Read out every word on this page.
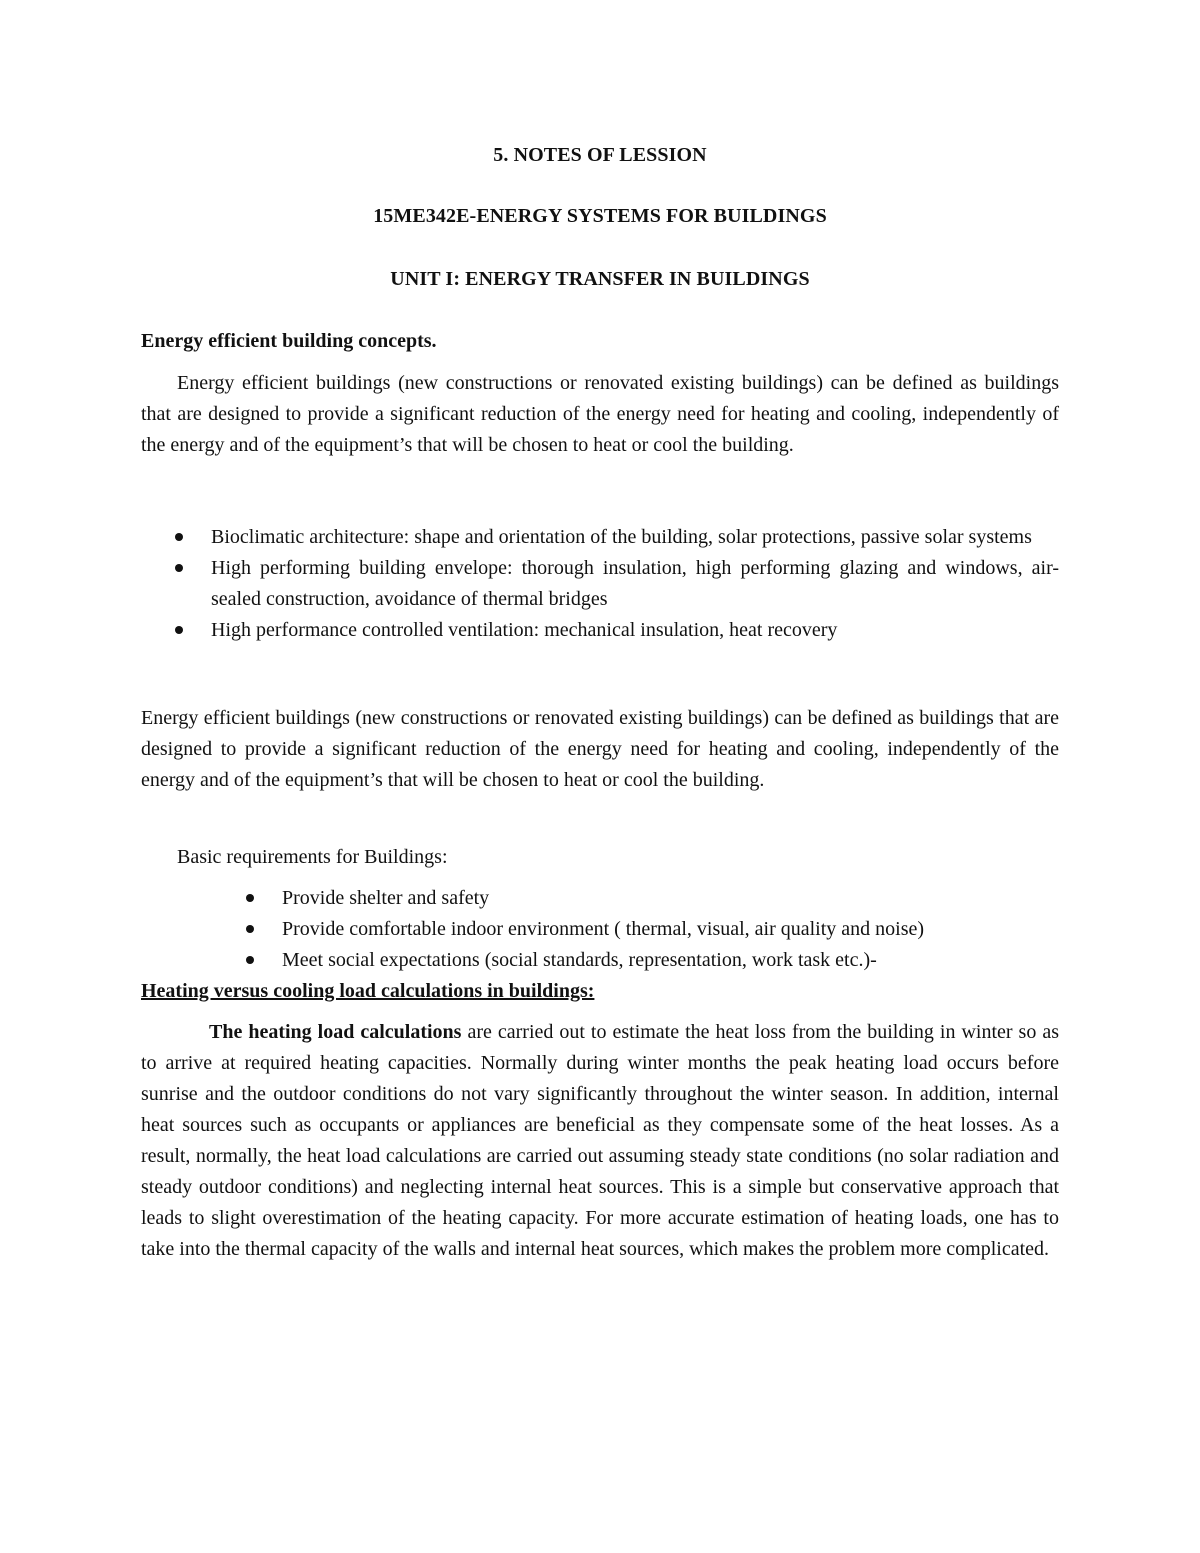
5. NOTES OF LESSION
15ME342E-ENERGY SYSTEMS FOR BUILDINGS
UNIT I: ENERGY TRANSFER IN BUILDINGS
Energy efficient building concepts.
Energy efficient buildings (new constructions or renovated existing buildings) can be defined as buildings that are designed to provide a significant reduction of the energy need for heating and cooling, independently of the energy and of the equipment’s that will be chosen to heat or cool the building.
Bioclimatic architecture: shape and orientation of the building, solar protections, passive solar systems
High performing building envelope: thorough insulation, high performing glazing and windows, air-sealed construction, avoidance of thermal bridges
High performance controlled ventilation: mechanical insulation, heat recovery
Energy efficient buildings (new constructions or renovated existing buildings) can be defined as buildings that are designed to provide a significant reduction of the energy need for heating and cooling, independently of the energy and of the equipment’s that will be chosen to heat or cool the building.
Basic requirements for Buildings:
Provide shelter and safety
Provide comfortable indoor environment ( thermal, visual, air quality and noise)
Meet social expectations (social standards, representation, work task etc.)-
Heating versus cooling load calculations in buildings:
The heating load calculations are carried out to estimate the heat loss from the building in winter so as to arrive at required heating capacities. Normally during winter months the peak heating load occurs before sunrise and the outdoor conditions do not vary significantly throughout the winter season. In addition, internal heat sources such as occupants or appliances are beneficial as they compensate some of the heat losses. As a result, normally, the heat load calculations are carried out assuming steady state conditions (no solar radiation and steady outdoor conditions) and neglecting internal heat sources. This is a simple but conservative approach that leads to slight overestimation of the heating capacity. For more accurate estimation of heating loads, one has to take into the thermal capacity of the walls and internal heat sources, which makes the problem more complicated.
